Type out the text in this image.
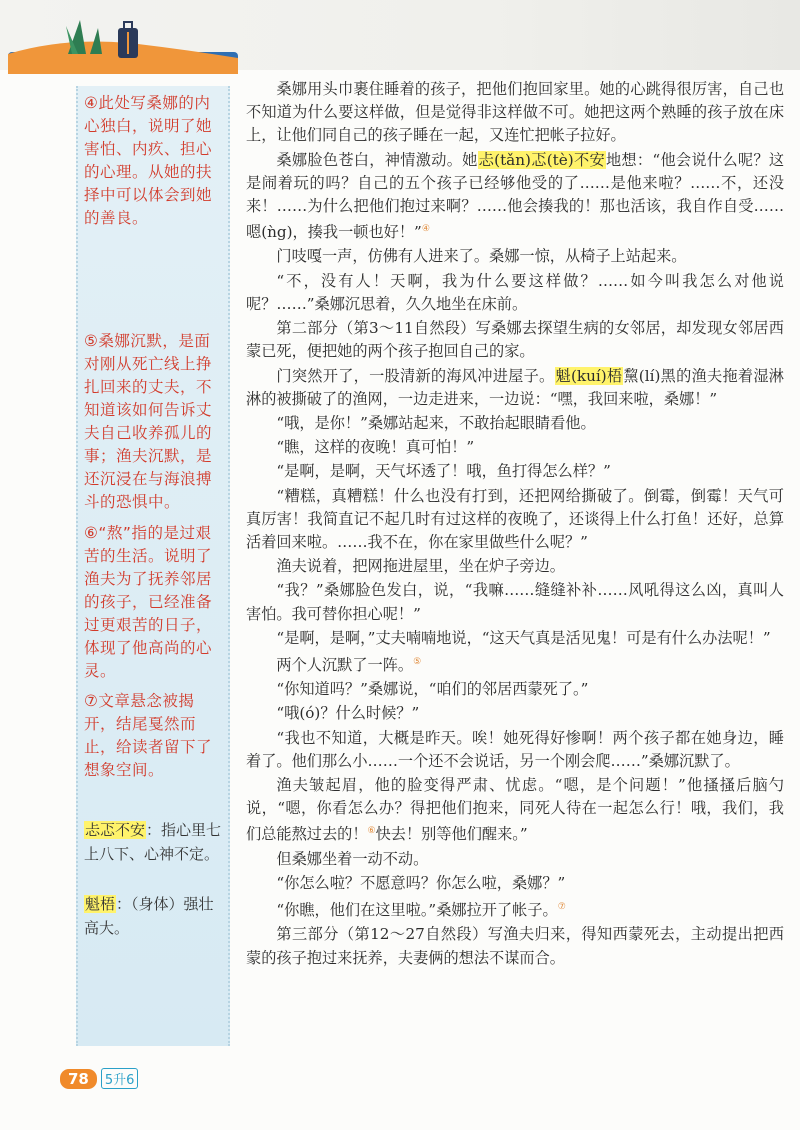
④此处写桑娜的内心独白，说明了她害怕、内疚、担心的心理。从她的扶择中可以体会到她的善良。
⑤桑娜沉默，是面对刚从死亡线上挣扎回来的丈夫，不知道该如何告诉丈夫自己收养孤儿的事；渔夫沉默，是还沉浸在与海浪搏斗的恐惧中。
⑥“熬”指的是过艰苦的生活。说明了渔夫为了抚养邻居的孩子，已经准备过更艰苦的日子，体现了他高尚的心灵。
⑦文章悬念被揭开，结尾戛然而止，给读者留下了想象空间。
忐忑不安：指心里七上八下、心神不定。
魁梧：（身体）强壮高大。

桑娜用头巾裹住睡着的孩子，把他们抱回家里。她的心跳得很厉害，自己也不知道为什么要这样做，但是觉得非这样做不可。她把这两个熟睡的孩子放在床上，让他们同自己的孩子睡在一起，又连忙把帐子拉好。

桑娜脸色苍白，神情激动。她忐(tǎn)忑(tè)不安地想：“他会说什么呢？这是闹着玩的吗？自己的五个孩子已经够他受的了……是他来啦？……不，还没来！……为什么把他们抱过来啊？……他会揍我的！那也活该，我自作自受……嗯(ǹg)，揍我一顿也好！”④

门吱嘎一声，仿佛有人进来了。桑娜一惊，从椅子上站起来。

“不，没有人！天啊，我为什么要这样做？……如今叫我怎么对他说呢？……”桑娜沉思着，久久地坐在床前。

第二部分（第3～11自然段）写桑娜去探望生病的女邻居，却发现女邻居西蒙已死，便把她的两个孩子抱回自己的家。

门突然开了，一股清新的海风冲进屋子。魁(kuí)梧黧(lí)黑的渔夫拖着湿淋淋的被撕破了的渔网，一边走进来，一边说：“嘿，我回来啦，桑娜！”

“哦，是你！”桑娜站起来，不敢抬起眼睛看他。

“瞧，这样的夜晚！真可怕！”

“是啊，是啊，天气坏透了！哦，鱼打得怎么样？”

“糟糕，真糟糕！什么也没有打到，还把网给撕破了。倒霉，倒霉！天气可真厉害！我简直记不起几时有过这样的夜晚了，还谈得上什么打鱼！还好，总算活着回来啦。……我不在，你在家里做些什么呢？”

渔夫说着，把网拖进屋里，坐在炉子旁边。

“我？”桑娜脸色发白，说，“我嘛……缝缝补补……风吼得这么凶，真叫人害怕。我可替你担心呢！”

“是啊，是啊，”丈夫喃喃地说，“这天气真是活见鬼！可是有什么办法呢！”

两个人沉默了一阵。⑤

“你知道吗？”桑娜说，“咱们的邻居西蒙死了。”

“哦(ó)？什么时候？”

“我也不知道，大概是昨天。唉！她死得好惨啊！两个孩子都在她身边，睡着了。他们那么小……一个还不会说话，另一个刚会爬……”桑娜沉默了。

渔夫皱起眉，他的脸变得严肃、忧虑。“嗯，是个问题！”他搔搔后脑勺说，“嗯，你看怎么办？得把他们抱来，同死人待在一起怎么行！哦，我们，我们总能熬过去的！⑥快去！别等他们醒来。”

但桑娜坐着一动不动。

“你怎么啦？不愿意吗？你怎么啦，桑娜？”

“你瞧，他们在这里啦。”桑娜拉开了帐子。⑦

第三部分（第12～27自然段）写渔夫归来，得知西蒙死去，主动提出把西蒙的孩子抱过来抚养，夫妻俩的想法不谋而合。

78 5升6
